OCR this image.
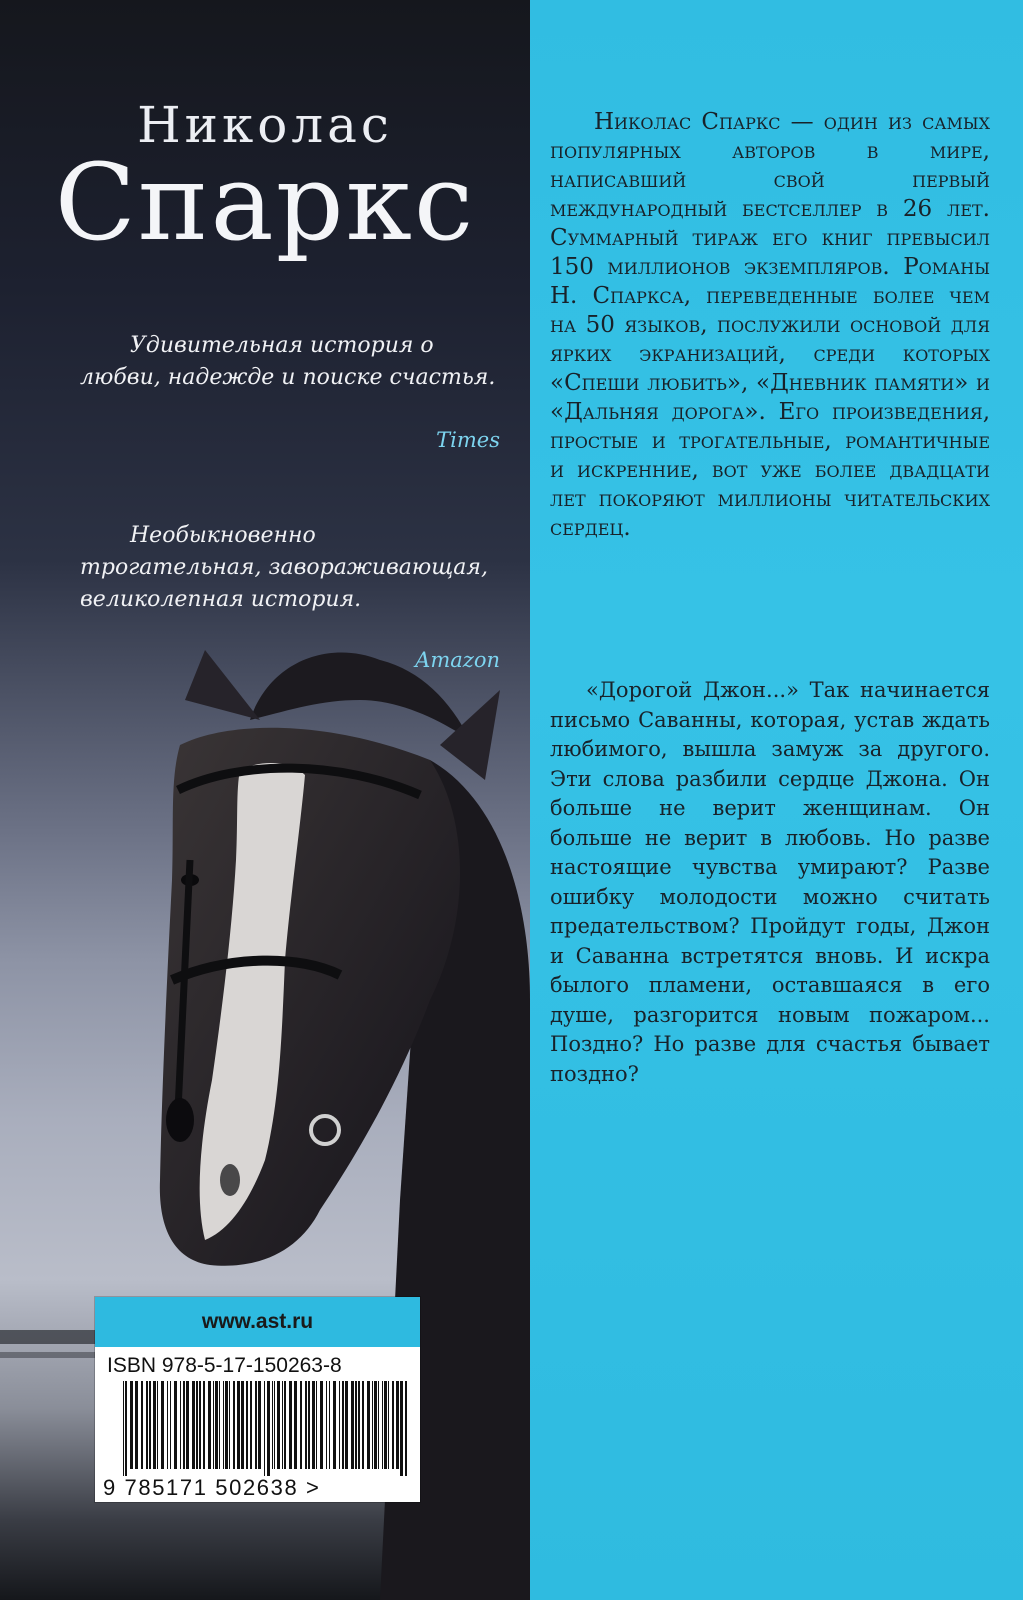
Николас

Спаркс

Удивительная история о любви, надежде и поиске счастья.

Times

Необыкновенно трогательная, завораживающая, великолепная история.

Amazon

www.ast.ru
ISBN 978-5-17-150263-8
9 785171 502638 >

Николас Спаркс — один из самых популярных авторов в мире, написавший свой первый международный бестселлер в 26 лет. Суммарный тираж его книг превысил 150 миллионов экземпляров. Романы Н. Спаркса, переведенные более чем на 50 языков, послужили основой для ярких экранизаций, среди которых «Спеши любить», «Дневник памяти» и «Дальняя дорога». Его произведения, простые и трогательные, романтичные и искренние, вот уже более двадцати лет покоряют миллионы читательских сердец.

«Дорогой Джон...» Так начинается письмо Саванны, которая, устав ждать любимого, вышла замуж за другого. Эти слова разбили сердце Джона. Он больше не верит женщинам. Он больше не верит в любовь. Но разве настоящие чувства умирают? Разве ошибку молодости можно считать предательством? Пройдут годы, Джон и Саванна встретятся вновь. И искра былого пламени, оставшаяся в его душе, разгорится новым пожаром... Поздно? Но разве для счастья бывает поздно?
